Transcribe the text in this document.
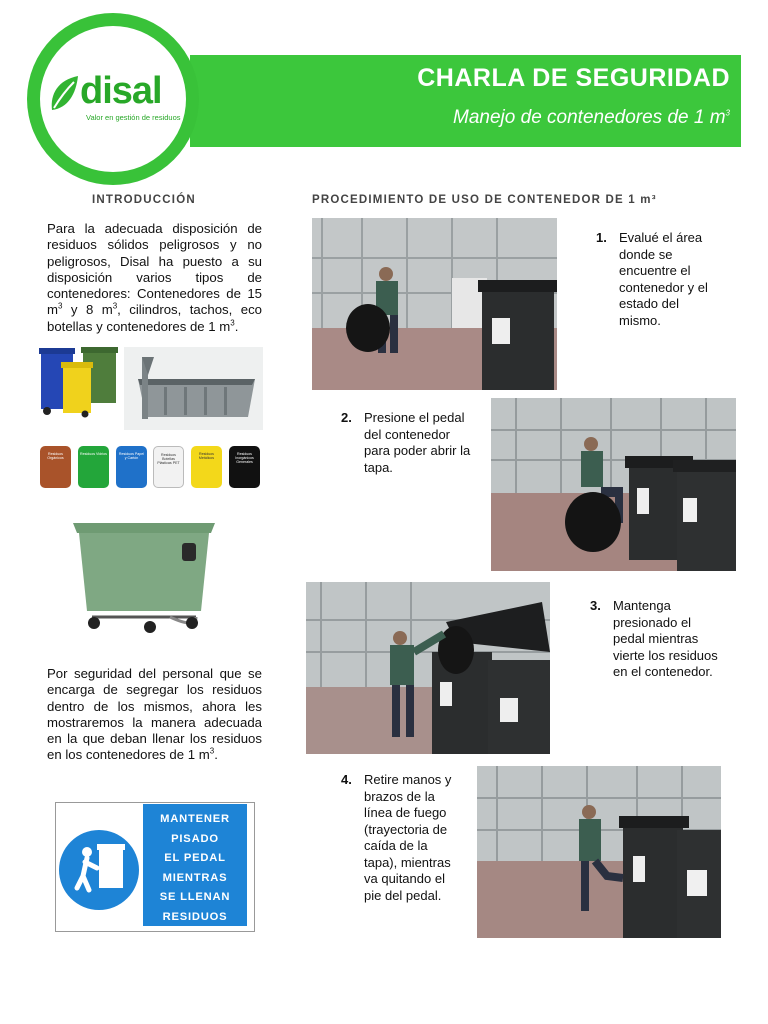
CHARLA DE SEGURIDAD
Manejo de contenedores de 1 $m^3$
disal
Valor en gestión de residuos
INTRODUCCIÓN
Para la adecuada disposición de residuos sólidos peligrosos y no peligrosos, Disal ha puesto a su disposición varios tipos de contenedores: Contenedores de 15 $m^3$ y 8 $m^3$, cilindros, tachos, eco botellas y contenedores de 1 $m^3$.
Residuos Orgánicos
Residuos Vidrios	Residuos Papel y Cartón
Residuos Botellas Plásticas PET
Residuos Metálicos
Residuos Inorgánicos Generales
Por seguridad del personal que se encarga de segregar los residuos dentro de los mismos, ahora les mostraremos la manera adecuada en la que deban llenar los residuos en los contenedores de 1 $m^3$.
MANTENER
PISADO
EL PEDAL
MIENTRAS
SE LLENAN
RESIDUOS
PROCEDIMIENTO DE USO DE CONTENEDOR DE 1 m³
1. Evalué el área donde se encuentre el contenedor y el estado del mismo.
2. Presione el pedal del contenedor para poder abrir la tapa.
3. Mantenga presionado el pedal mientras vierte los residuos en el contenedor.
4. Retire manos y brazos de la línea de fuego (trayectoria de caída de la tapa), mientras va quitando el pie del pedal.
